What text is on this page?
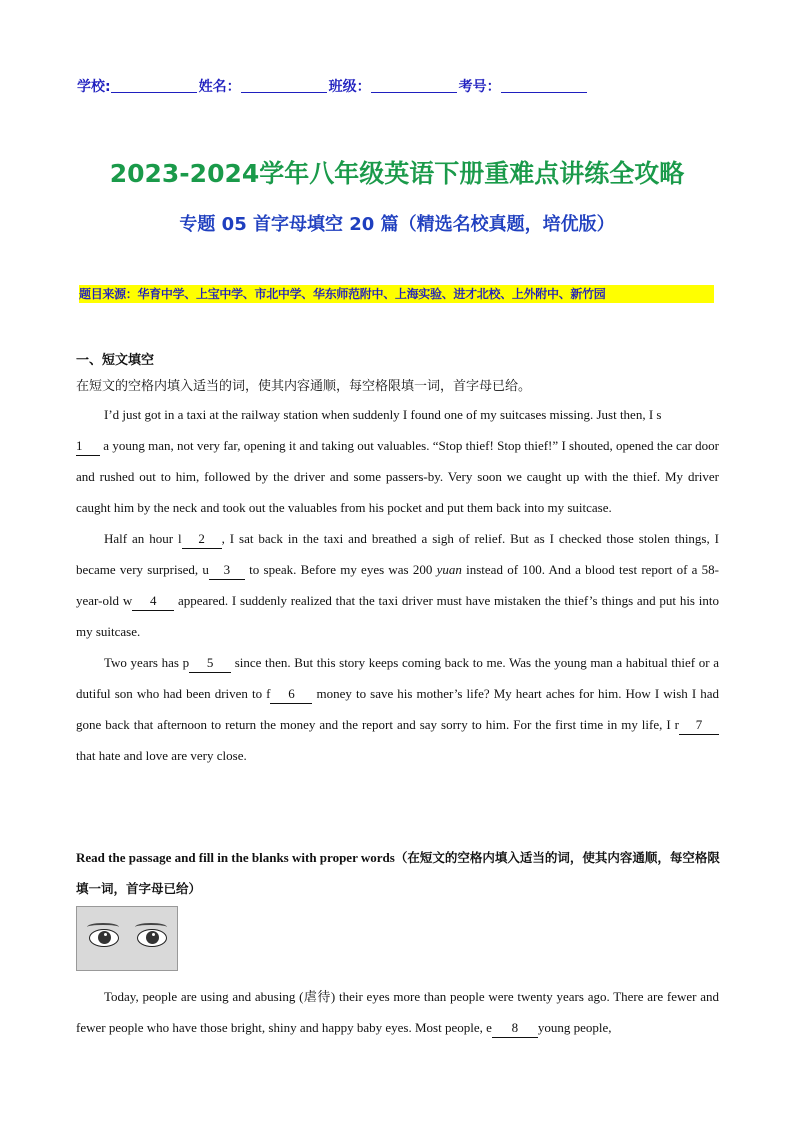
学校:	姓名：	班级：	考号：
2023-2024学年八年级英语下册重难点讲练全攻略
专题 05 首字母填空 20 篇（精选名校真题，培优版）
题目来源：华育中学、上宝中学、市北中学、华东师范附中、上海实验、进才北校、上外附中、新竹园
一、短文填空
在短文的空格内填入适当的词，使其内容通顺，每空格限填一词，首字母已给。

I’d just got in a taxi at the railway station when suddenly I found one of my suitcases missing. Just then, I s
1 a young man, not very far, opening it and taking out valuables. “Stop thief! Stop thief!” I shouted, opened the car door and rushed out to him, followed by the driver and some passers-by. Very soon we caught up with the thief. My driver caught him by the neck and took out the valuables from his pocket and put them back into my suitcase.

Half an hour l 2 , I sat back in the taxi and breathed a sigh of relief. But as I checked those stolen things, I became very surprised, u 3 to speak. Before my eyes was 200 yuan instead of 100. And a blood test report of a 58-year-old w 4 appeared. I suddenly realized that the taxi driver must have mistaken the thief’s things and put his into my suitcase.

Two years has p 5 since then. But this story keeps coming back to me. Was the young man a habitual thief or a dutiful son who had been driven to f 6 money to save his mother’s life? My heart aches for him. How I wish I had gone back that afternoon to return the money and the report and say sorry to him. For the first time in my life, I r 7 that hate and love are very close.

Read the passage and fill in the blanks with proper words（在短文的空格内填入适当的词，使其内容通顺，每空格限填一词，首字母已给）

Today, people are using and abusing (虐待) their eyes more than people were twenty years ago. There are fewer and fewer people who have those bright, shiny and happy baby eyes. Most people, e 8 young people,
